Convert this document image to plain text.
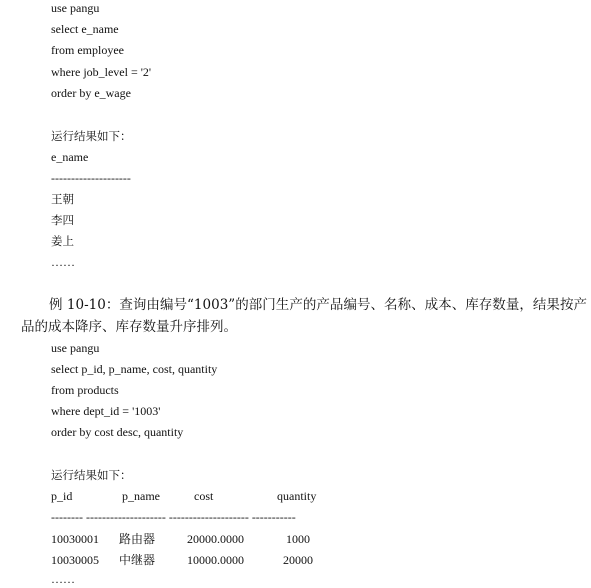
use pangu
select e_name
from employee
where job_level = '2'
order by e_wage
运行结果如下：
e_name
--------------------
王朝
李四
姜上
……
例 10-10：查询由编号“1003”的部门生产的产品编号、名称、成本、库存数量，结果按产品的成本降序、库存数量升序排列。
use pangu
select p_id, p_name, cost, quantity
from products
where dept_id = '1003'
order by cost desc, quantity
运行结果如下：
p_id	p_name	cost	quantity
-------- -------------------- -------------------- -----------
10030001 路由器	20000.0000	1000
10030005 中继器	10000.0000	20000
……
